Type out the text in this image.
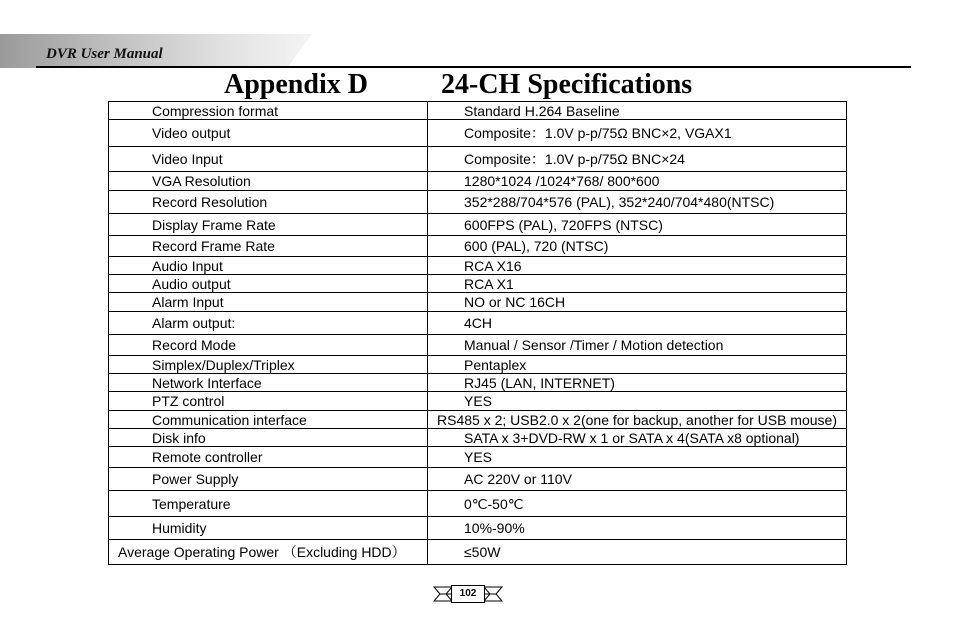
DVR User Manual
Appendix D	24-CH Specifications
Compression format	Standard H.264 Baseline
Video output	Composite：1.0V p-p/75Ω BNC×2, VGAX1
Video Input	Composite：1.0V p-p/75Ω BNC×24
VGA Resolution	1280*1024 /1024*768/ 800*600
Record Resolution	352*288/704*576 (PAL), 352*240/704*480(NTSC)
Display Frame Rate	600FPS (PAL), 720FPS (NTSC)
Record Frame Rate	600 (PAL), 720 (NTSC)
Audio Input	RCA X16
Audio output	RCA X1
Alarm Input	NO or NC 16CH
Alarm output:	4CH
Record Mode	Manual / Sensor /Timer / Motion detection
Simplex/Duplex/Triplex	Pentaplex
Network Interface	RJ45 (LAN, INTERNET)
PTZ control	YES
Communication interface	RS485 x 2; USB2.0 x 2(one for backup, another for USB mouse)
Disk info	SATA x 3+DVD-RW x 1 or SATA x 4(SATA x8 optional)
Remote controller	YES
Power Supply	AC 220V or 110V
Temperature	0℃-50℃
Humidity	10%-90%
Average Operating Power （Excluding HDD）	≤50W
102
